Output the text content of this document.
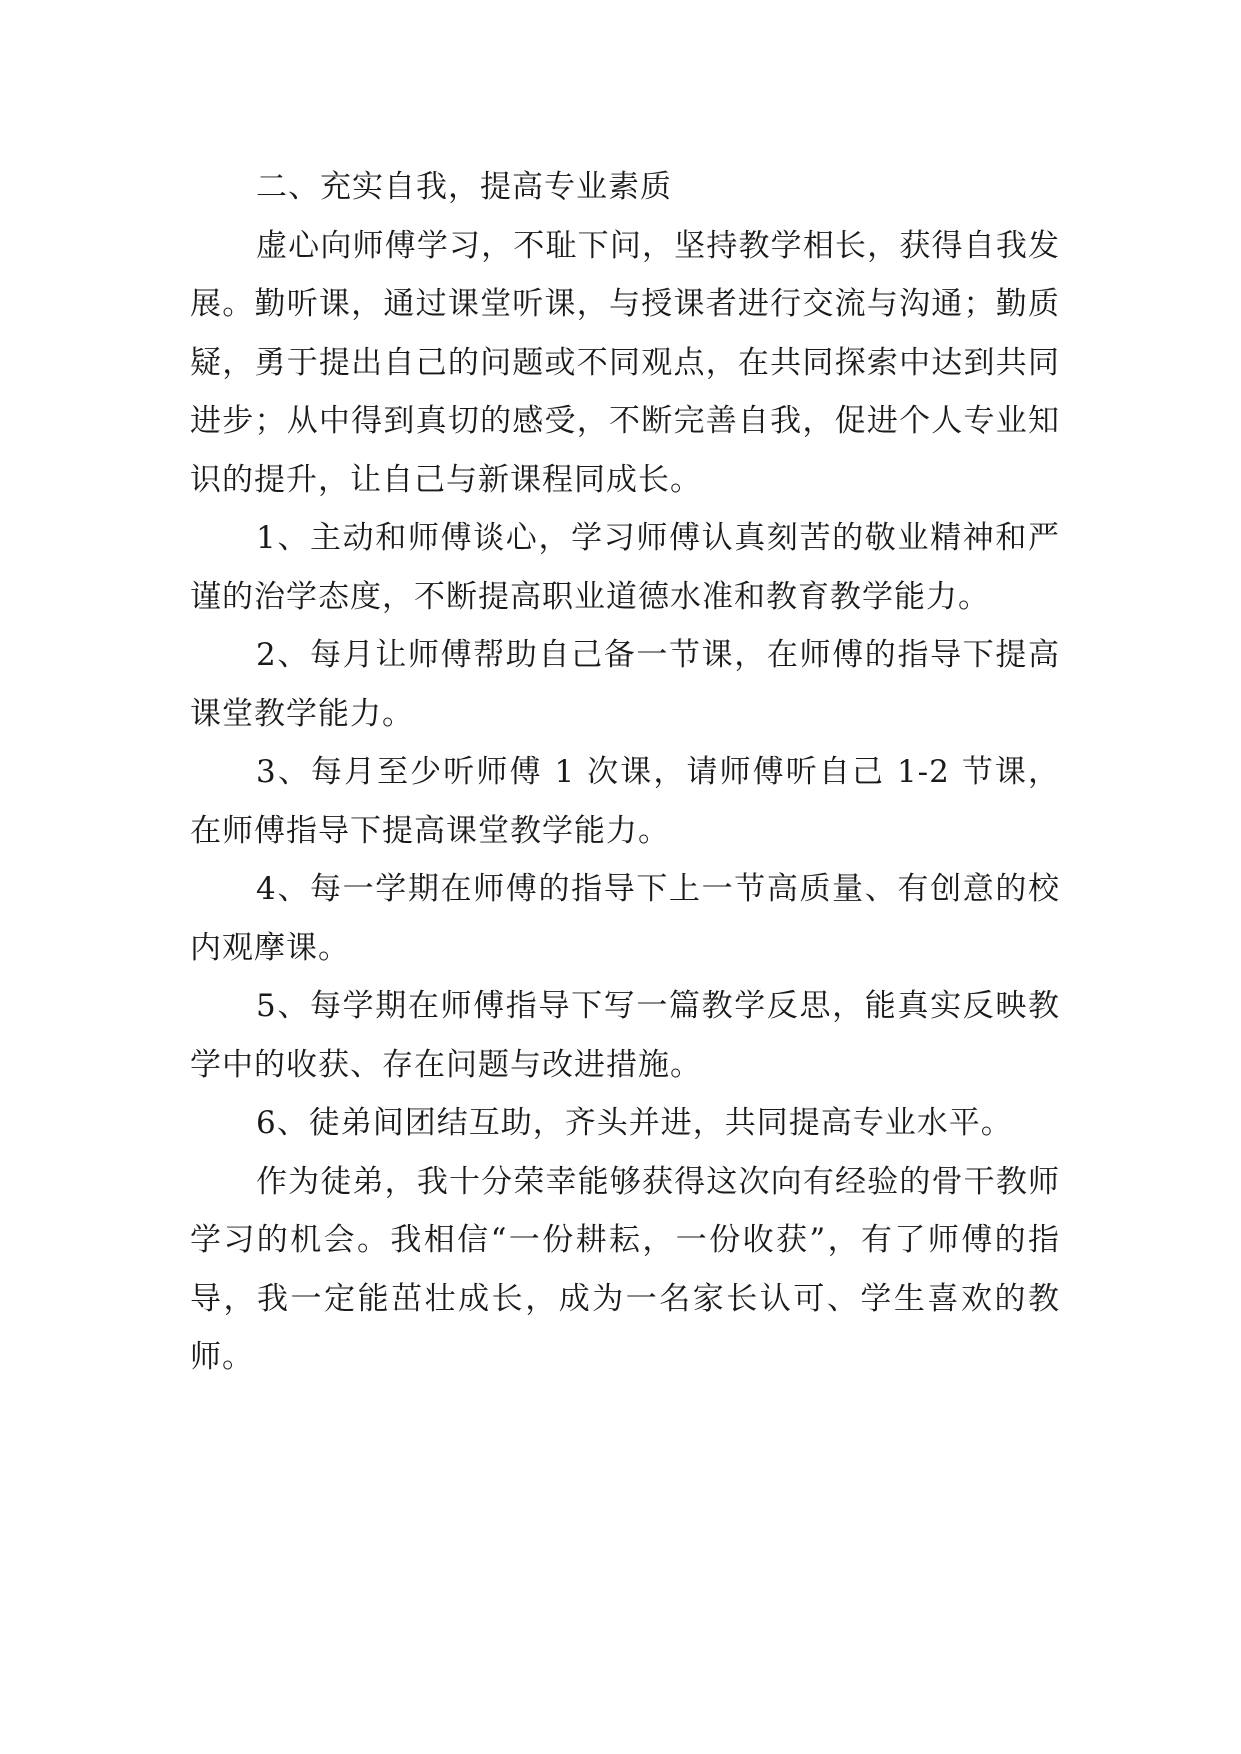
二、充实自我，提高专业素质

虚心向师傅学习，不耻下问，坚持教学相长，获得自我发展。勤听课，通过课堂听课，与授课者进行交流与沟通；勤质疑，勇于提出自己的问题或不同观点，在共同探索中达到共同进步；从中得到真切的感受，不断完善自我，促进个人专业知识的提升，让自己与新课程同成长。

1、主动和师傅谈心，学习师傅认真刻苦的敬业精神和严谨的治学态度，不断提高职业道德水准和教育教学能力。

2、每月让师傅帮助自己备一节课，在师傅的指导下提高课堂教学能力。

3、每月至少听师傅 1 次课，请师傅听自己 1-2 节课，在师傅指导下提高课堂教学能力。

4、每一学期在师傅的指导下上一节高质量、有创意的校内观摩课。

5、每学期在师傅指导下写一篇教学反思，能真实反映教学中的收获、存在问题与改进措施。

6、徒弟间团结互助，齐头并进，共同提高专业水平。

作为徒弟，我十分荣幸能够获得这次向有经验的骨干教师学习的机会。我相信“一份耕耘，一份收获”，有了师傅的指导，我一定能茁壮成长，成为一名家长认可、学生喜欢的教师。
